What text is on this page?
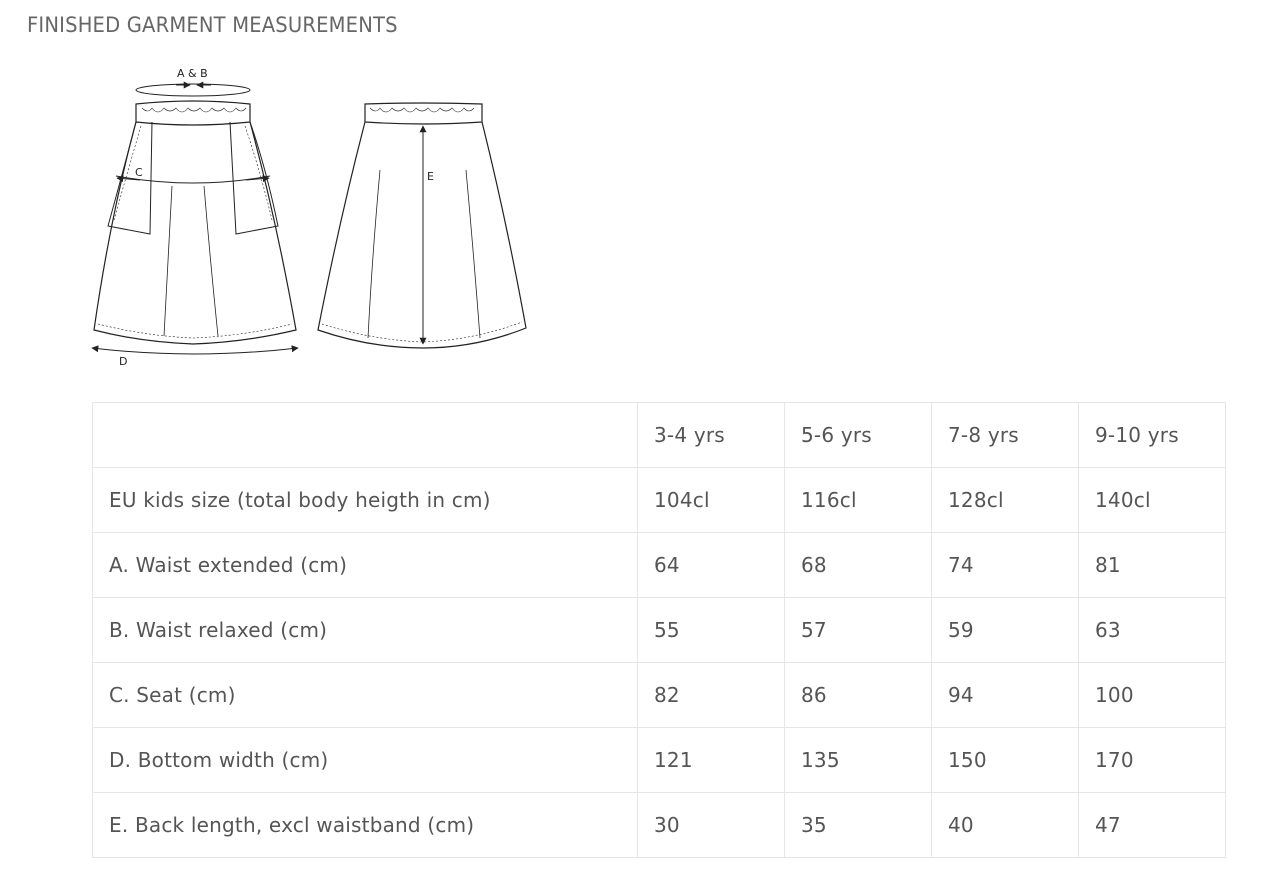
FINISHED GARMENT MEASUREMENTS
A & B
C
D
E
	3-4 yrs	5-6 yrs	7-8 yrs	9-10 yrs
EU kids size (total body heigth in cm)	104cl	116cl	128cl	140cl
A. Waist extended (cm)	64	68	74	81
B. Waist relaxed (cm)	55	57	59	63
C. Seat (cm)	82	86	94	100
D. Bottom width (cm)	121	135	150	170
E. Back length, excl waistband (cm)	30	35	40	47
